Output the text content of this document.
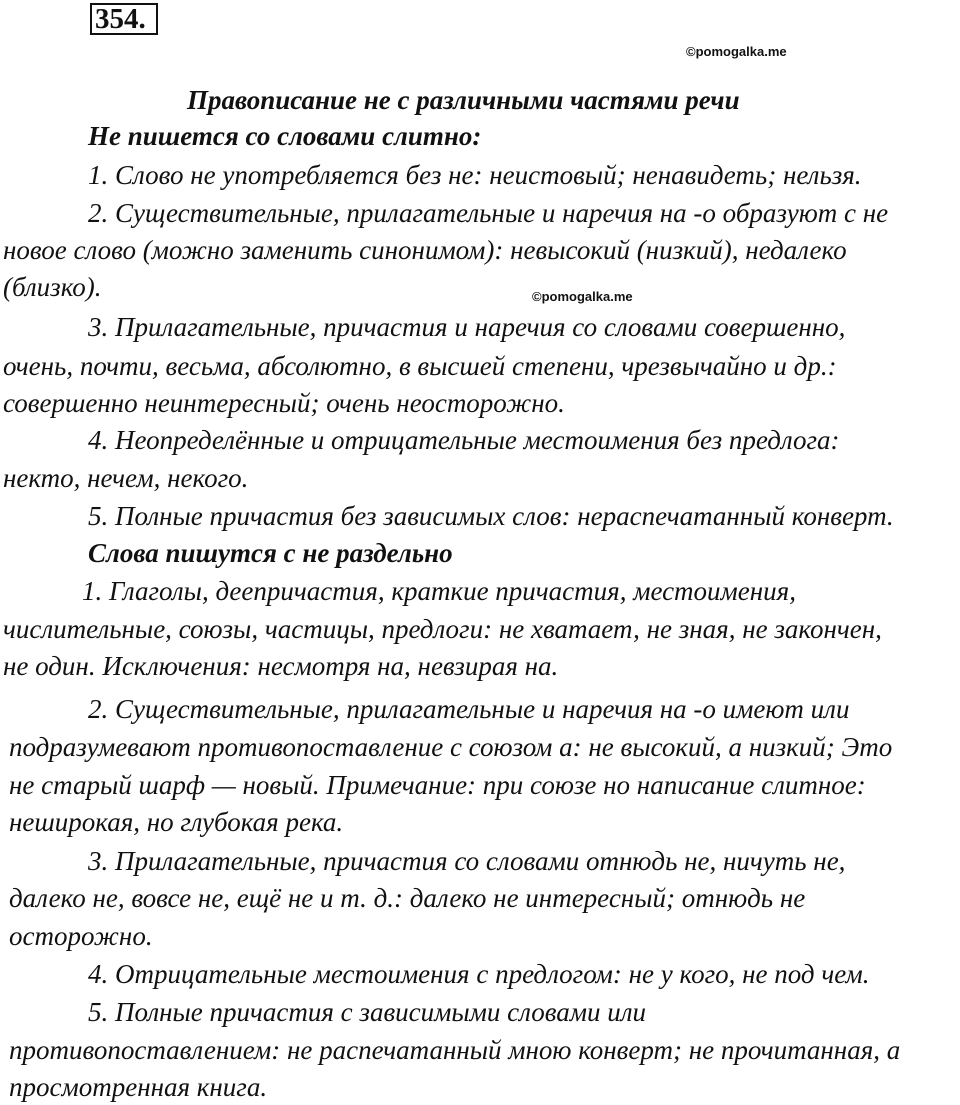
354.
©pomogalka.me
©pomogalka.me
Правописание не с различными частями речи
Не пишется со словами слитно:
1. Слово не употребляется без не: неистовый; ненавидеть; нельзя.
2. Существительные, прилагательные и наречия на -о образуют с не
новое слово (можно заменить синонимом): невысокий (низкий), недалеко
(близко).
3. Прилагательные, причастия и наречия со словами совершенно,
очень, почти, весьма, абсолютно, в высшей степени, чрезвычайно и др.:
совершенно неинтересный; очень неосторожно.
4. Неопределённые и отрицательные местоимения без предлога:
некто, нечем, некого.
5. Полные причастия без зависимых слов: нераспечатанный конверт.
Слова пишутся с не раздельно
1. Глаголы, деепричастия, краткие причастия, местоимения,
числительные, союзы, частицы, предлоги: не хватает, не зная, не закончен,
не один. Исключения: несмотря на, невзирая на.
2. Существительные, прилагательные и наречия на -о имеют или
подразумевают противопоставление с союзом а: не высокий, а низкий; Это
не старый шарф — новый. Примечание: при союзе но написание слитное:
неширокая, но глубокая река.
3. Прилагательные, причастия со словами отнюдь не, ничуть не,
далеко не, вовсе не, ещё не и т. д.: далеко не интересный; отнюдь не
осторожно.
4. Отрицательные местоимения с предлогом: не у кого, не под чем.
5. Полные причастия с зависимыми словами или
противопоставлением: не распечатанный мною конверт; не прочитанная, а
просмотренная книга.
